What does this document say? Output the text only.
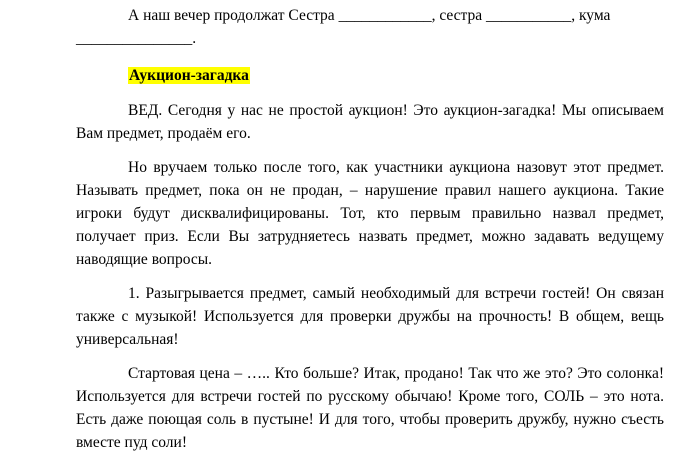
А наш вечер продолжат Сестра ____________, сестра ___________, кума _______________.

Аукцион-загадка

ВЕД. Сегодня у нас не простой аукцион! Это аукцион-загадка! Мы описываем Вам предмет, продаём его.

Но вручаем только после того, как участники аукциона назовут этот предмет. Называть предмет, пока он не продан, – нарушение правил нашего аукциона. Такие игроки будут дисквалифицированы. Тот, кто первым правильно назвал предмет, получает приз. Если Вы затрудняетесь назвать предмет, можно задавать ведущему наводящие вопросы.

1. Разыгрывается предмет, самый необходимый для встречи гостей! Он связан также с музыкой! Используется для проверки дружбы на прочность! В общем, вещь универсальная!

Стартовая цена – ….. Кто больше? Итак, продано! Так что же это? Это солонка! Используется для встречи гостей по русскому обычаю! Кроме того, СОЛЬ – это нота. Есть даже поющая соль в пустыне! И для того, чтобы проверить дружбу, нужно съесть вместе пуд соли!
